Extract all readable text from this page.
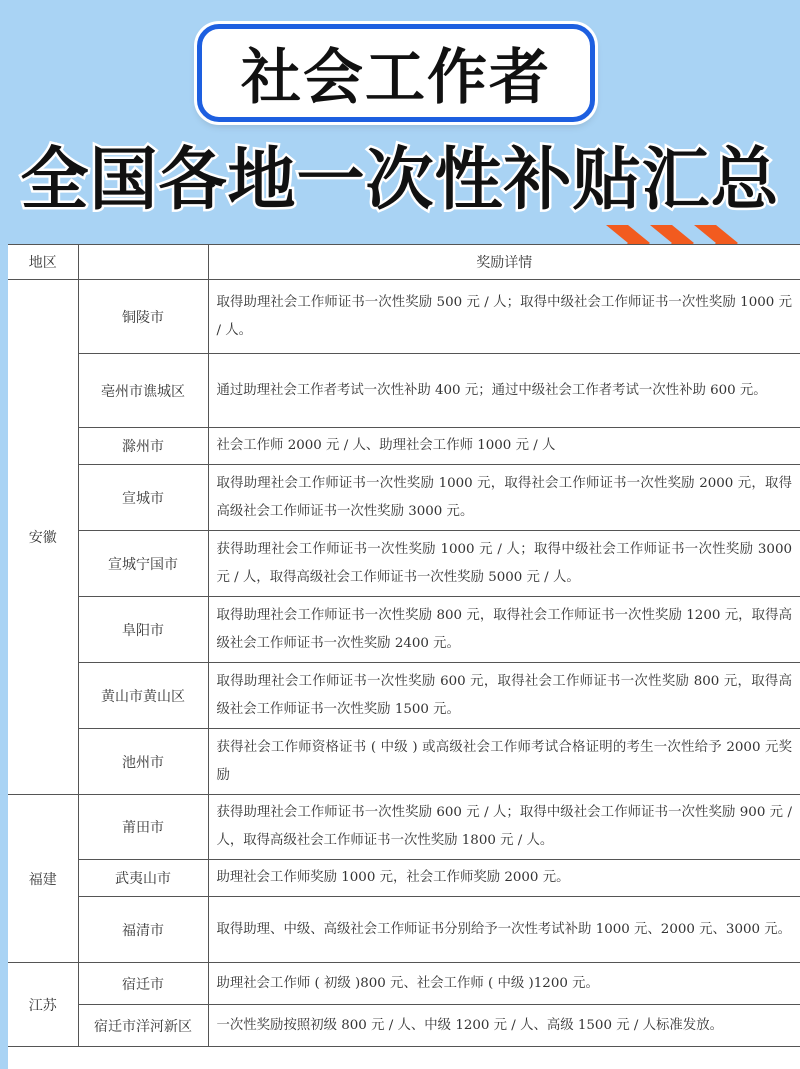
社会工作者
全国各地一次性补贴汇总
地区		奖励详情
安徽	铜陵市	取得助理社会工作师证书一次性奖励 500 元 / 人；取得中级社会工作师证书一次性奖励 1000 元 / 人。
	亳州市谯城区	通过助理社会工作者考试一次性补助 400 元；通过中级社会工作者考试一次性补助 600 元。
	滁州市	社会工作师 2000 元 / 人、助理社会工作师 1000 元 / 人
	宣城市	取得助理社会工作师证书一次性奖励 1000 元，取得社会工作师证书一次性奖励 2000 元，取得高级社会工作师证书一次性奖励 3000 元。
	宣城宁国市	获得助理社会工作师证书一次性奖励 1000 元 / 人；取得中级社会工作师证书一次性奖励 3000 元 / 人，取得高级社会工作师证书一次性奖励 5000 元 / 人。
	阜阳市	取得助理社会工作师证书一次性奖励 800 元，取得社会工作师证书一次性奖励 1200 元，取得高级社会工作师证书一次性奖励 2400 元。
	黄山市黄山区	取得助理社会工作师证书一次性奖励 600 元，取得社会工作师证书一次性奖励 800 元，取得高级社会工作师证书一次性奖励 1500 元。
	池州市	获得社会工作师资格证书 ( 中级 ) 或高级社会工作师考试合格证明的考生一次性给予 2000 元奖励
福建	莆田市	获得助理社会工作师证书一次性奖励 600 元 / 人；取得中级社会工作师证书一次性奖励 900 元 / 人，取得高级社会工作师证书一次性奖励 1800 元 / 人。
	武夷山市	助理社会工作师奖励 1000 元，社会工作师奖励 2000 元。
	福清市	取得助理、中级、高级社会工作师证书分别给予一次性考试补助 1000 元、2000 元、3000 元。
江苏	宿迁市	助理社会工作师 ( 初级 )800 元、社会工作师 ( 中级 )1200 元。
	宿迁市洋河新区	一次性奖励按照初级 800 元 / 人、中级 1200 元 / 人、高级 1500 元 / 人标准发放。
